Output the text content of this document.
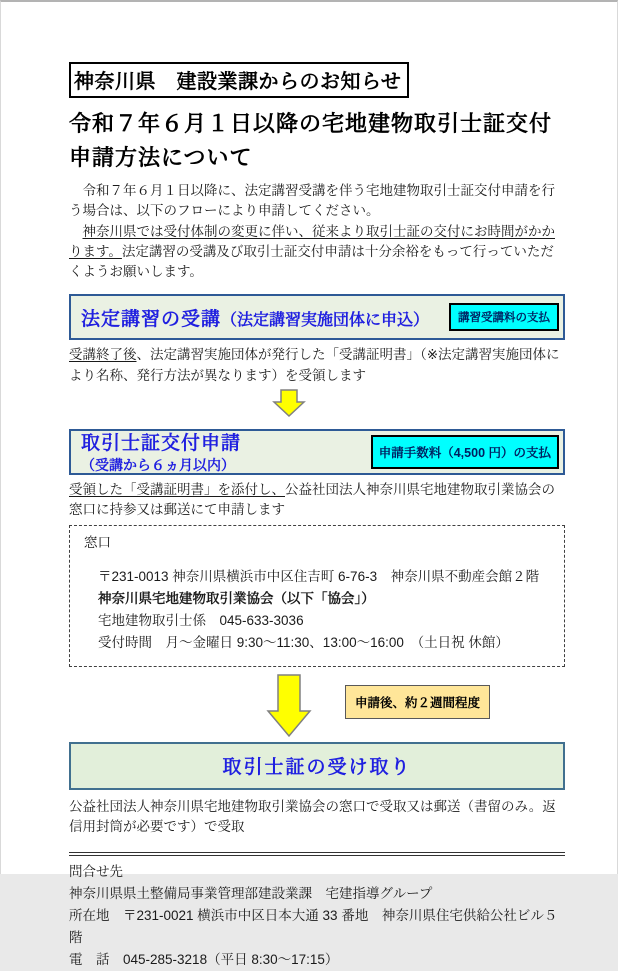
神奈川県　建設業課からのお知らせ
令和７年６月１日以降の宅地建物取引士証交付
申請方法について

令和７年６月１日以降に、法定講習受講を伴う宅地建物取引士証交付申請を行う場合は、以下のフローにより申請してください。

神奈川県では受付体制の変更に伴い、従来より取引士証の交付にお時間がかかります。法定講習の受講及び取引士証交付申請は十分余裕をもって行っていただくようお願いします。

法定講習の受講（法定講習実施団体に申込）	講習受講料の支払

受講終了後、法定講習実施団体が発行した「受講証明書」（※法定講習実施団体により名称、発行方法が異なります）を受領します

取引士証交付申請（受講から６ヵ月以内）
申請手数料（4,500 円）の支払

受領した「受講証明書」を添付し、公益社団法人神奈川県宅地建物取引業協会の窓口に持参又は郵送にて申請します

窓口
〒231-0013 神奈川県横浜市中区住吉町 6-76-3　神奈川県不動産会館２階
神奈川県宅地建物取引業協会（以下「協会」）
宅地建物取引士係　045-633-3036
受付時間　月～金曜日 9:30～11:30、13:00～16:00　（土日祝 休館）
申請後、約２週間程度
取引士証の受け取り

公益社団法人神奈川県宅地建物取引業協会の窓口で受取又は郵送（書留のみ。返信用封筒が必要です）で受取

問合せ先
神奈川県県土整備局事業管理部建設業課　宅建指導グループ
所在地　〒231-0021 横浜市中区日本大通 33 番地　神奈川県住宅供給公社ビル５階
電　話　045-285-3218（平日 8:30～17:15）
